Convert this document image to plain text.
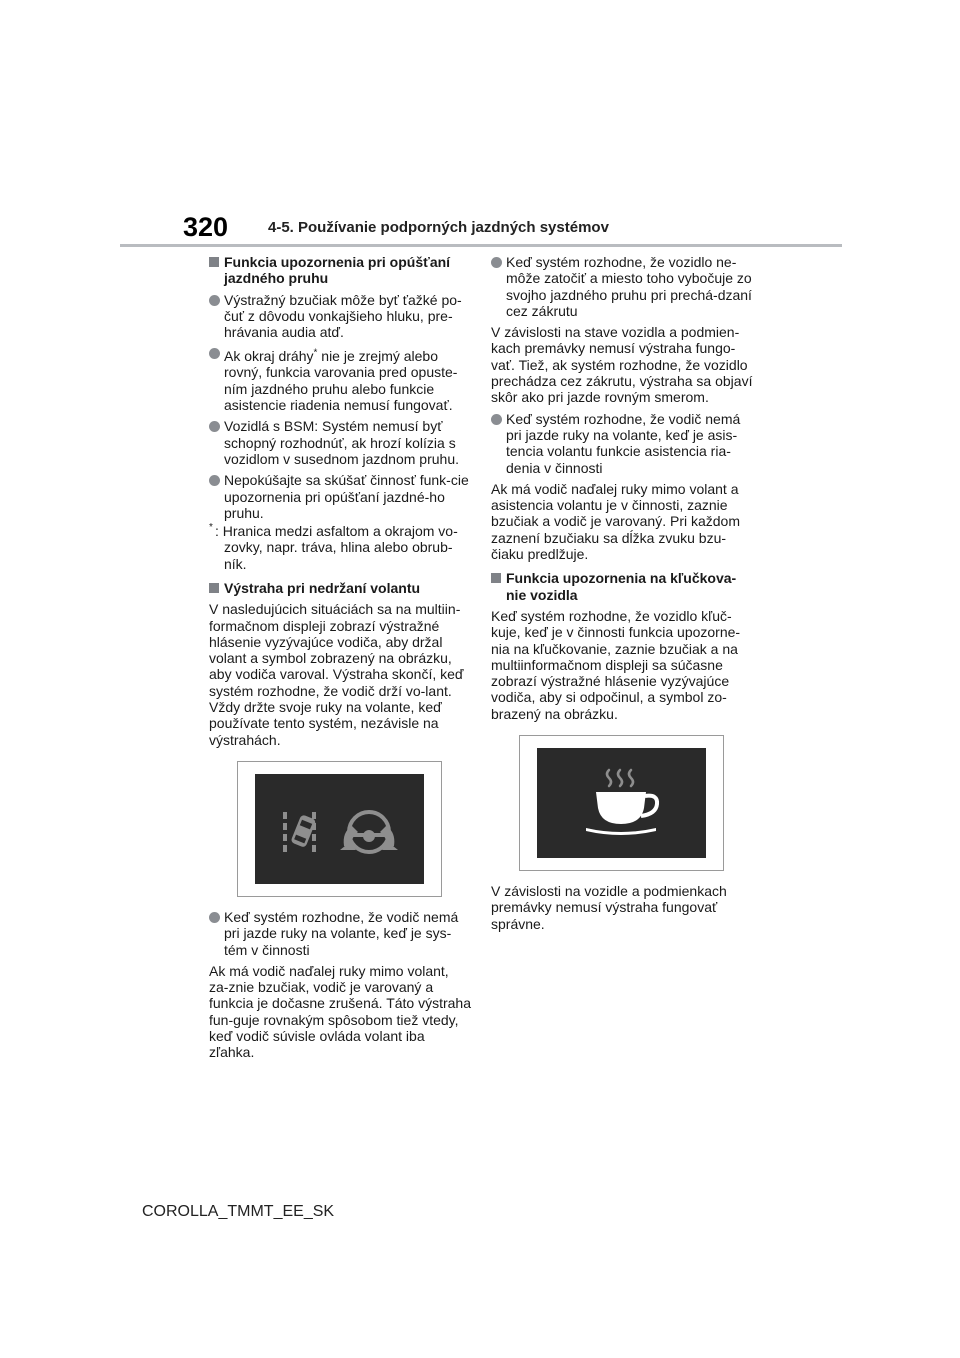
320	4-5. Používanie podporných jazdných systémov
Funkcia upozornenia pri opúšťaní jazdného pruhu
Výstražný bzučiak môže byť ťažké po-čuť z dôvodu vonkajšieho hluku, pre-hrávania audia atď.
Ak okraj dráhy* nie je zrejmý alebo rovný, funkcia varovania pred opuste-ním jazdného pruhu alebo funkcie asistencie riadenia nemusí fungovať.
Vozidlá s BSM: Systém nemusí byť schopný rozhodnúť, ak hrozí kolízia s vozidlom v susednom jazdnom pruhu.
Nepokúšajte sa skúšať činnosť funk-cie upozornenia pri opúšťaní jazdné-ho pruhu.
* : Hranica medzi asfaltom a okrajom vo-zovky, napr. tráva, hlina alebo obrub-ník.
Výstraha pri nedržaní volantu

V nasledujúcich situáciách sa na multiin-formačnom displeji zobrazí výstražné hlásenie vyzývajúce vodiča, aby držal volant a symbol zobrazený na obrázku, aby vodiča varoval. Výstraha skončí, keď systém rozhodne, že vodič drží vo-lant. Vždy držte svoje ruky na volante, keď používate tento systém, nezávisle na výstrahách.

Keď systém rozhodne, že vodič nemá pri jazde ruky na volante, keď je sys-tém v činnosti

Ak má vodič naďalej ruky mimo volant, za-znie bzučiak, vodič je varovaný a funkcia je dočasne zrušená. Táto výstraha fun-guje rovnakým spôsobom tiež vtedy, keď vodič súvisle ovláda volant iba zľahka.

Keď systém rozhodne, že vozidlo ne-môže zatočiť a miesto toho vybočuje zo svojho jazdného pruhu pri prechá-dzaní cez zákrutu

V závislosti na stave vozidla a podmien-kach premávky nemusí výstraha fungo-vať. Tiež, ak systém rozhodne, že vozidlo prechádza cez zákrutu, výstraha sa objaví skôr ako pri jazde rovným smerom.

Keď systém rozhodne, že vodič nemá pri jazde ruky na volante, keď je asis-tencia volantu funkcie asistencia ria-denia v činnosti

Ak má vodič naďalej ruky mimo volant a asistencia volantu je v činnosti, zaznie bzučiak a vodič je varovaný. Pri každom zaznení bzučiaku sa dĺžka zvuku bzu-čiaku predlžuje.

Funkcia upozornenia na kľučkova-nie vozidla

Keď systém rozhodne, že vozidlo kľuč-kuje, keď je v činnosti funkcia upozorne-nia na kľučkovanie, zaznie bzučiak a na multiinformačnom displeji sa súčasne zobrazí výstražné hlásenie vyzývajúce vodiča, aby si odpočinul, a symbol zo-brazený na obrázku.

V závislosti na vozidle a podmienkach premávky nemusí výstraha fungovať správne.

COROLLA_TMMT_EE_SK
